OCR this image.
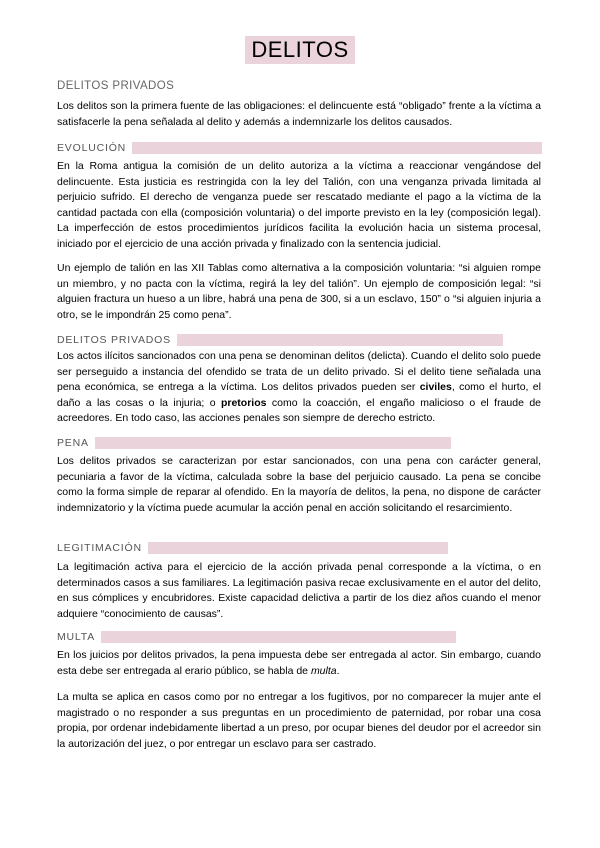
DELITOS
DELITOS PRIVADOS

Los delitos son la primera fuente de las obligaciones: el delincuente está “obligado” frente a la víctima a satisfacerle la pena señalada al delito y además a indemnizarle los delitos causados.

EVOLUCIÓN

En la Roma antigua la comisión de un delito autoriza a la víctima a reaccionar vengándose del delincuente. Esta justicia es restringida con la ley del Talión, con una venganza privada limitada al perjuicio sufrido. El derecho de venganza puede ser rescatado mediante el pago a la víctima de la cantidad pactada con ella (composición voluntaria) o del importe previsto en la ley (composición legal). La imperfección de estos procedimientos jurídicos facilita la evolución hacia un sistema procesal, iniciado por el ejercicio de una acción privada y finalizado con la sentencia judicial.

Un ejemplo de talión en las XII Tablas como alternativa a la composición voluntaria: “si alguien rompe un miembro, y no pacta con la víctima, regirá la ley del talión”. Un ejemplo de composición legal: “si alguien fractura un hueso a un libre, habrá una pena de 300, si a un esclavo, 150” o “si alguien injuria a otro, se le impondrán 25 como pena”.

DELITOS PRIVADOS

Los actos ilícitos sancionados con una pena se denominan delitos (delicta). Cuando el delito solo puede ser perseguido a instancia del ofendido se trata de un delito privado. Si el delito tiene señalada una pena económica, se entrega a la víctima. Los delitos privados pueden ser civiles, como el hurto, el daño a las cosas o la injuria; o pretorios como la coacción, el engaño malicioso o el fraude de acreedores. En todo caso, las acciones penales son siempre de derecho estricto.

PENA

Los delitos privados se caracterizan por estar sancionados, con una pena con carácter general, pecuniaria a favor de la víctima, calculada sobre la base del perjuicio causado. La pena se concibe como la forma simple de reparar al ofendido. En la mayoría de delitos, la pena, no dispone de carácter indemnizatorio y la víctima puede acumular la acción penal en acción solicitando el resarcimiento.

LEGITIMACIÓN

La legitimación activa para el ejercicio de la acción privada penal corresponde a la víctima, o en determinados casos a sus familiares. La legitimación pasiva recae exclusivamente en el autor del delito, en sus cómplices y encubridores. Existe capacidad delictiva a partir de los diez años cuando el menor adquiere “conocimiento de causas”.

MULTA

En los juicios por delitos privados, la pena impuesta debe ser entregada al actor. Sin embargo, cuando esta debe ser entregada al erario público, se habla de multa.

La multa se aplica en casos como por no entregar a los fugitivos, por no comparecer la mujer ante el magistrado o no responder a sus preguntas en un procedimiento de paternidad, por robar una cosa propia, por ordenar indebidamente libertad a un preso, por ocupar bienes del deudor por el acreedor sin la autorización del juez, o por entregar un esclavo para ser castrado.
